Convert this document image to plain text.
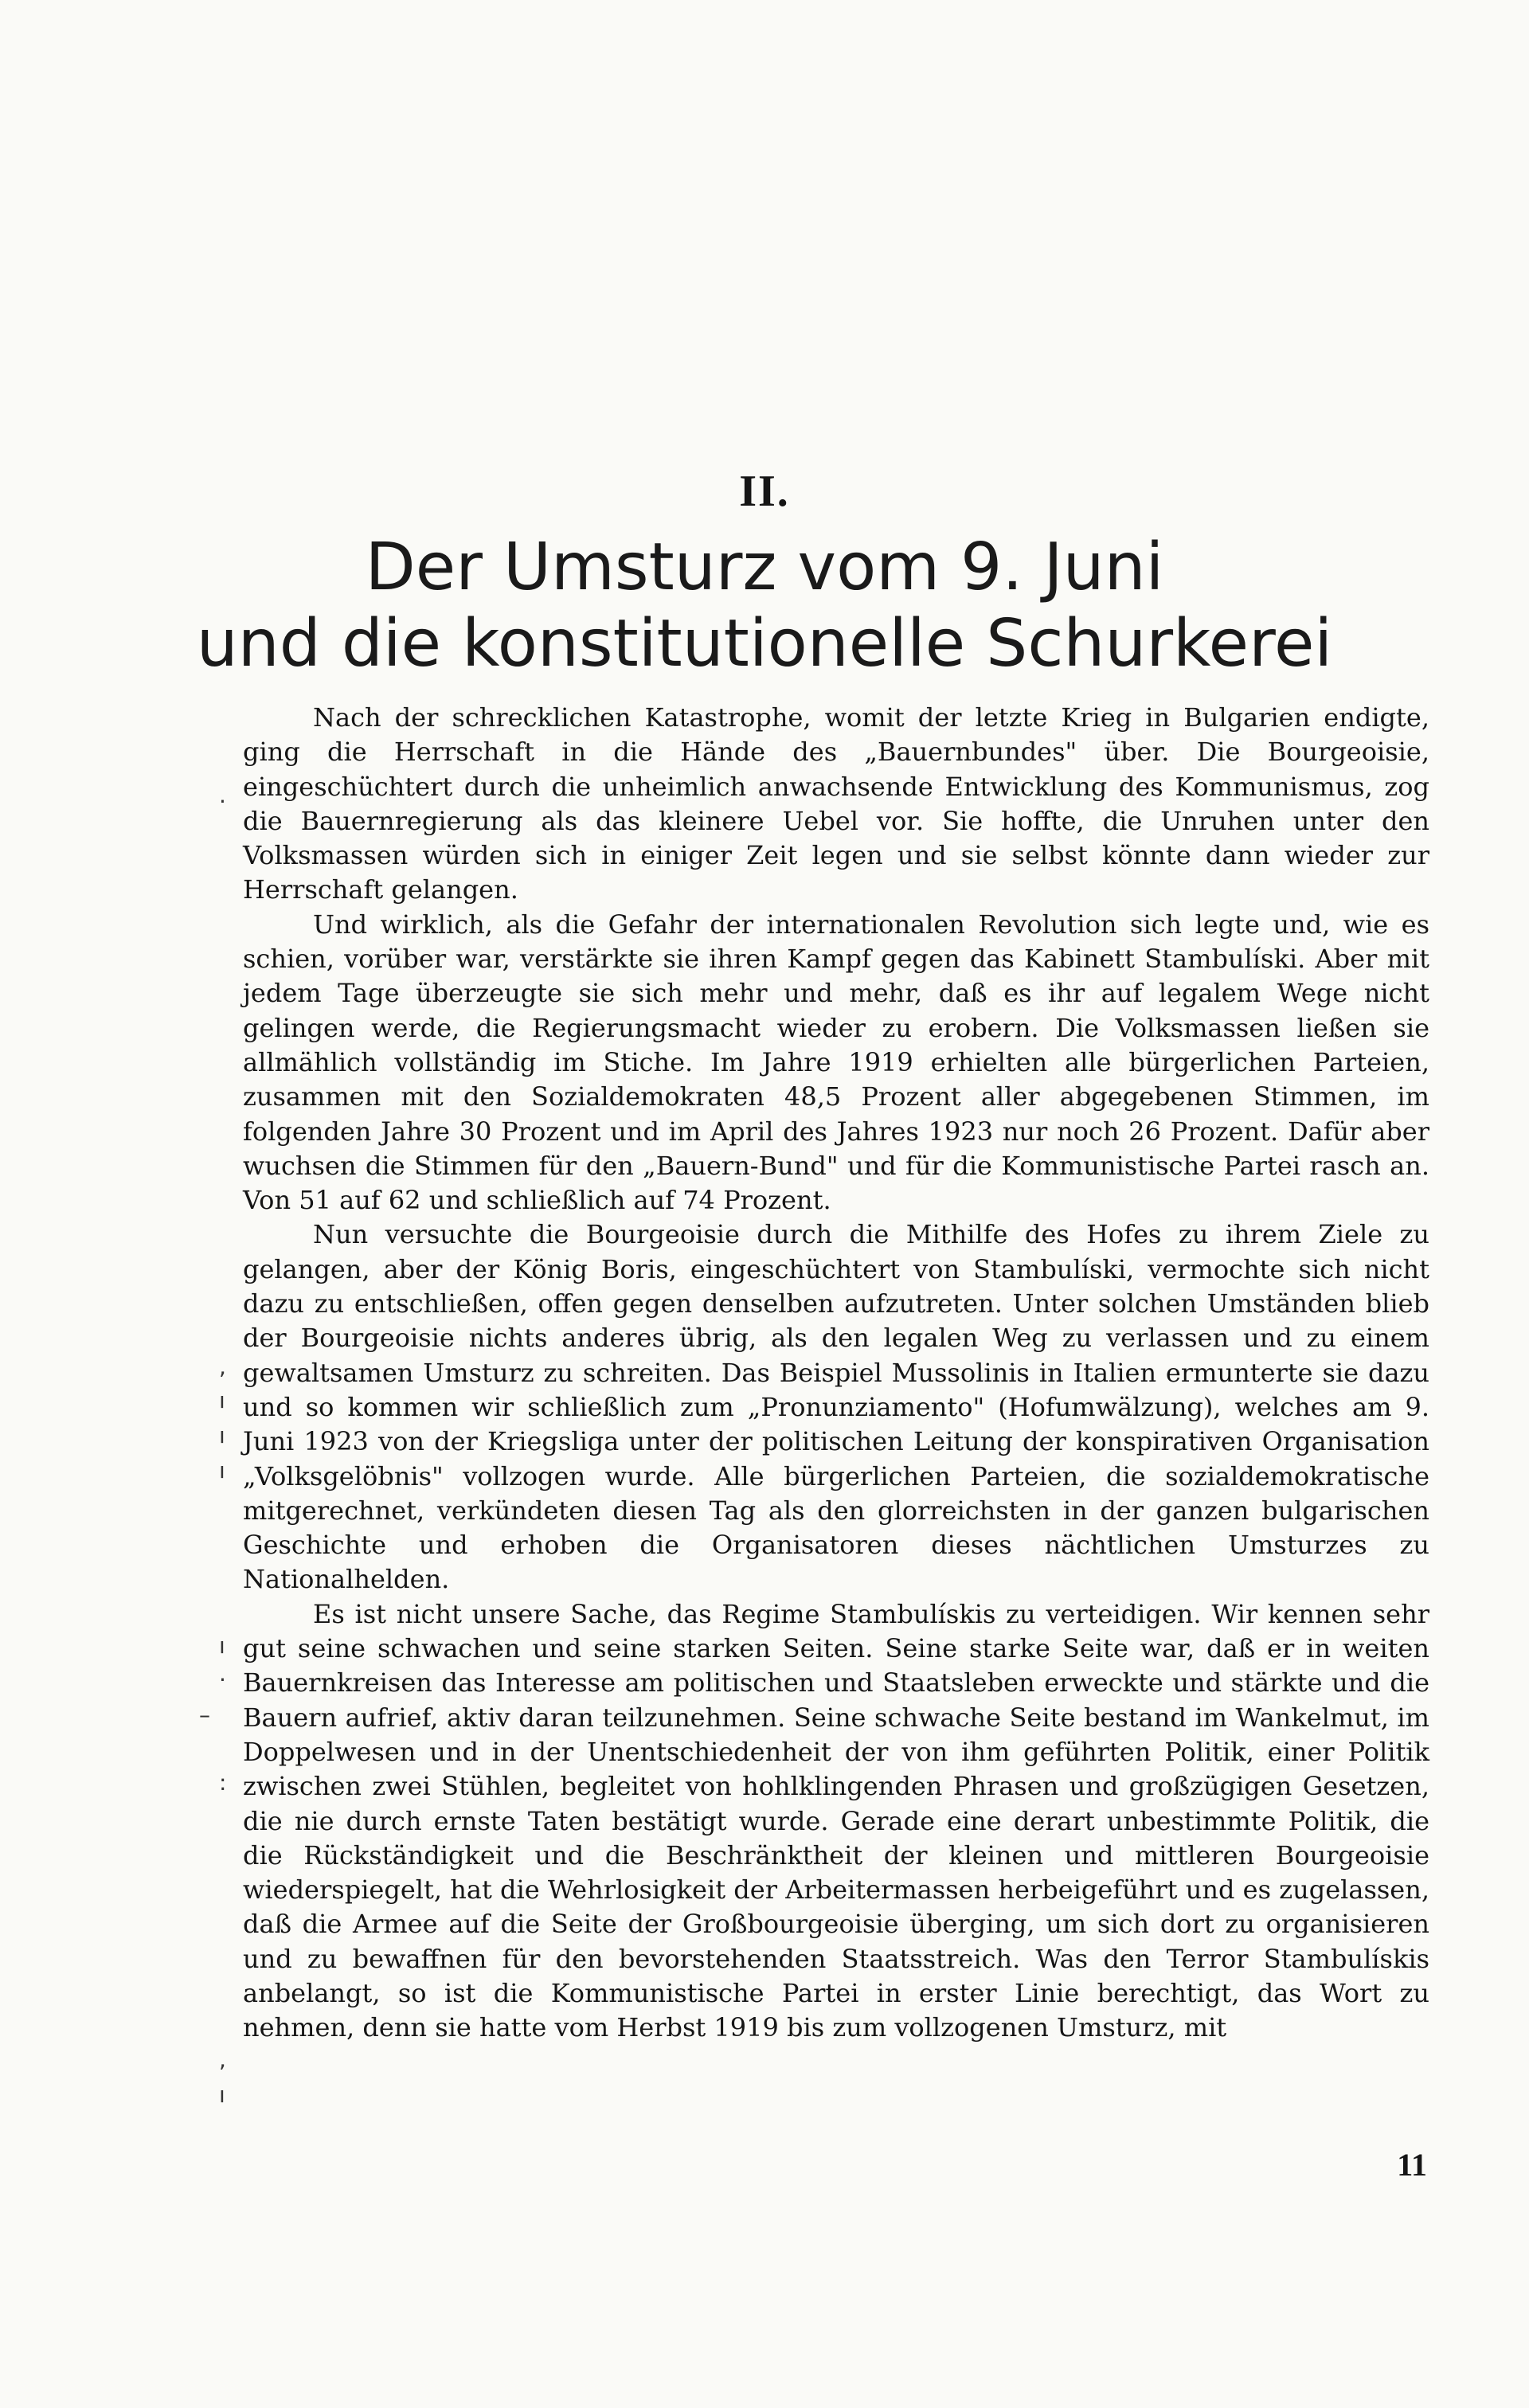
II.
Der Umsturz vom 9. Juni
und die konstitutionelle Schurkerei

Nach der schrecklichen Katastrophe, womit der letzte Krieg in Bulgarien endigte, ging die Herrschaft in die Hände des „Bauernbundes" über. Die Bourgeoisie, eingeschüchtert durch die unheimlich anwachsende Entwicklung des Kommunismus, zog die Bauernregierung als das kleinere Uebel vor. Sie hoffte, die Unruhen unter den Volksmassen würden sich in einiger Zeit legen und sie selbst könnte dann wieder zur Herrschaft gelangen.

Und wirklich, als die Gefahr der internationalen Revolution sich legte und, wie es schien, vorüber war, verstärkte sie ihren Kampf gegen das Kabinett Stambulíski. Aber mit jedem Tage überzeugte sie sich mehr und mehr, daß es ihr auf legalem Wege nicht gelingen werde, die Regierungsmacht wieder zu erobern. Die Volksmassen ließen sie allmählich vollständig im Stiche. Im Jahre 1919 erhielten alle bürgerlichen Parteien, zusammen mit den Sozialdemokraten 48,5 Prozent aller abgegebenen Stimmen, im folgenden Jahre 30 Prozent und im April des Jahres 1923 nur noch 26 Prozent. Dafür aber wuchsen die Stimmen für den „Bauern-Bund" und für die Kommunistische Partei rasch an. Von 51 auf 62 und schließlich auf 74 Prozent.

Nun versuchte die Bourgeoisie durch die Mithilfe des Hofes zu ihrem Ziele zu gelangen, aber der König Boris, eingeschüchtert von Stambulíski, vermochte sich nicht dazu zu entschließen, offen gegen denselben aufzutreten. Unter solchen Umständen blieb der Bourgeoisie nichts anderes übrig, als den legalen Weg zu verlassen und zu einem gewaltsamen Umsturz zu schreiten. Das Beispiel Mussolinis in Italien ermunterte sie dazu und so kommen wir schließlich zum „Pronunziamento" (Hofumwälzung), welches am 9. Juni 1923 von der Kriegsliga unter der politischen Leitung der konspirativen Organisation „Volksgelöbnis" vollzogen wurde. Alle bürgerlichen Parteien, die sozialdemokratische mitgerechnet, verkündeten diesen Tag als den glorreichsten in der ganzen bulgarischen Geschichte und erhoben die Organisatoren dieses nächtlichen Umsturzes zu Nationalhelden.

Es ist nicht unsere Sache, das Regime Stambulískis zu verteidigen. Wir kennen sehr gut seine schwachen und seine starken Seiten. Seine starke Seite war, daß er in weiten Bauernkreisen das Interesse am politischen und Staatsleben erweckte und stärkte und die Bauern aufrief, aktiv daran teilzunehmen. Seine schwache Seite bestand im Wankelmut, im Doppelwesen und in der Unentschiedenheit der von ihm geführten Politik, einer Politik zwischen zwei Stühlen, begleitet von hohlklingenden Phrasen und großzügigen Gesetzen, die nie durch ernste Taten bestätigt wurde. Gerade eine derart unbestimmte Politik, die die Rückständigkeit und die Beschränktheit der kleinen und mittleren Bourgeoisie wiederspiegelt, hat die Wehrlosigkeit der Arbeitermassen herbeigeführt und es zugelassen, daß die Armee auf die Seite der Großbourgeoisie überging, um sich dort zu organisieren und zu bewaffnen für den bevorstehenden Staatsstreich. Was den Terror Stambulískis anbelangt, so ist die Kommunistische Partei in erster Linie berechtigt, das Wort zu nehmen, denn sie hatte vom Herbst 1919 bis zum vollzogenen Umsturz, mit

·
,
ı
ı
ı
ı
·
–
:
,
ı
11
